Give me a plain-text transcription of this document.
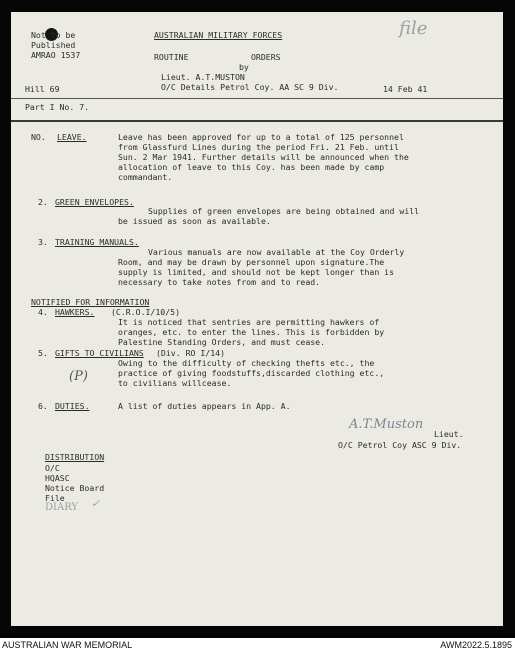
Not to be
Published
AMRAO 1537
AUSTRALIAN MILITARY FORCES
ROUTINE	ORDERS
by
Lieut. A.T.MUSTON
O/C Details Petrol Coy. AA SC 9 Div.
Hill 69	14 Feb 41
file
Part I No. 7.
NO. LEAVE.	Leave has been approved for up to a total of 125 personnel
from Glassfurd Lines during the period Fri. 21 Feb. until
Sun. 2 Mar 1941. Further details will be announced when the
allocation of leave to this Coy. has been made by camp
commandant.
2. GREEN ENVELOPES.
Supplies of green envelopes are being obtained and will
be issued as soon as available.
3. TRAINING MANUALS.
Various manuals are now available at the Coy Orderly
Room, and may be drawn by personnel upon signature.The
supply is limited, and should not be kept longer than is
necessary to take notes from and to read.
NOTIFIED FOR INFORMATION
4. HAWKERS. (C.R.O.I/10/5)
It is noticed that sentries are permitting hawkers of
oranges, etc. to enter the lines. This is forbidden by
Palestine Standing Orders, and must cease.
5. GIFTS TO CIVILIANS (Div. RO I/14)
Owing to the difficulty of checking thefts etc., the
practice of giving foodstuffs,discarded clothing etc.,
to civilians willcease.
(P)
6. DUTIES.	A list of duties appears in App. A.
A.T.Muston
Lieut.
O/C Petrol Coy ASC 9 Div.
DISTRIBUTION
O/C
HQASC
Notice Board
File
DIARY ✓
AUSTRALIAN WAR MEMORIAL	AWM2022.5.1895
